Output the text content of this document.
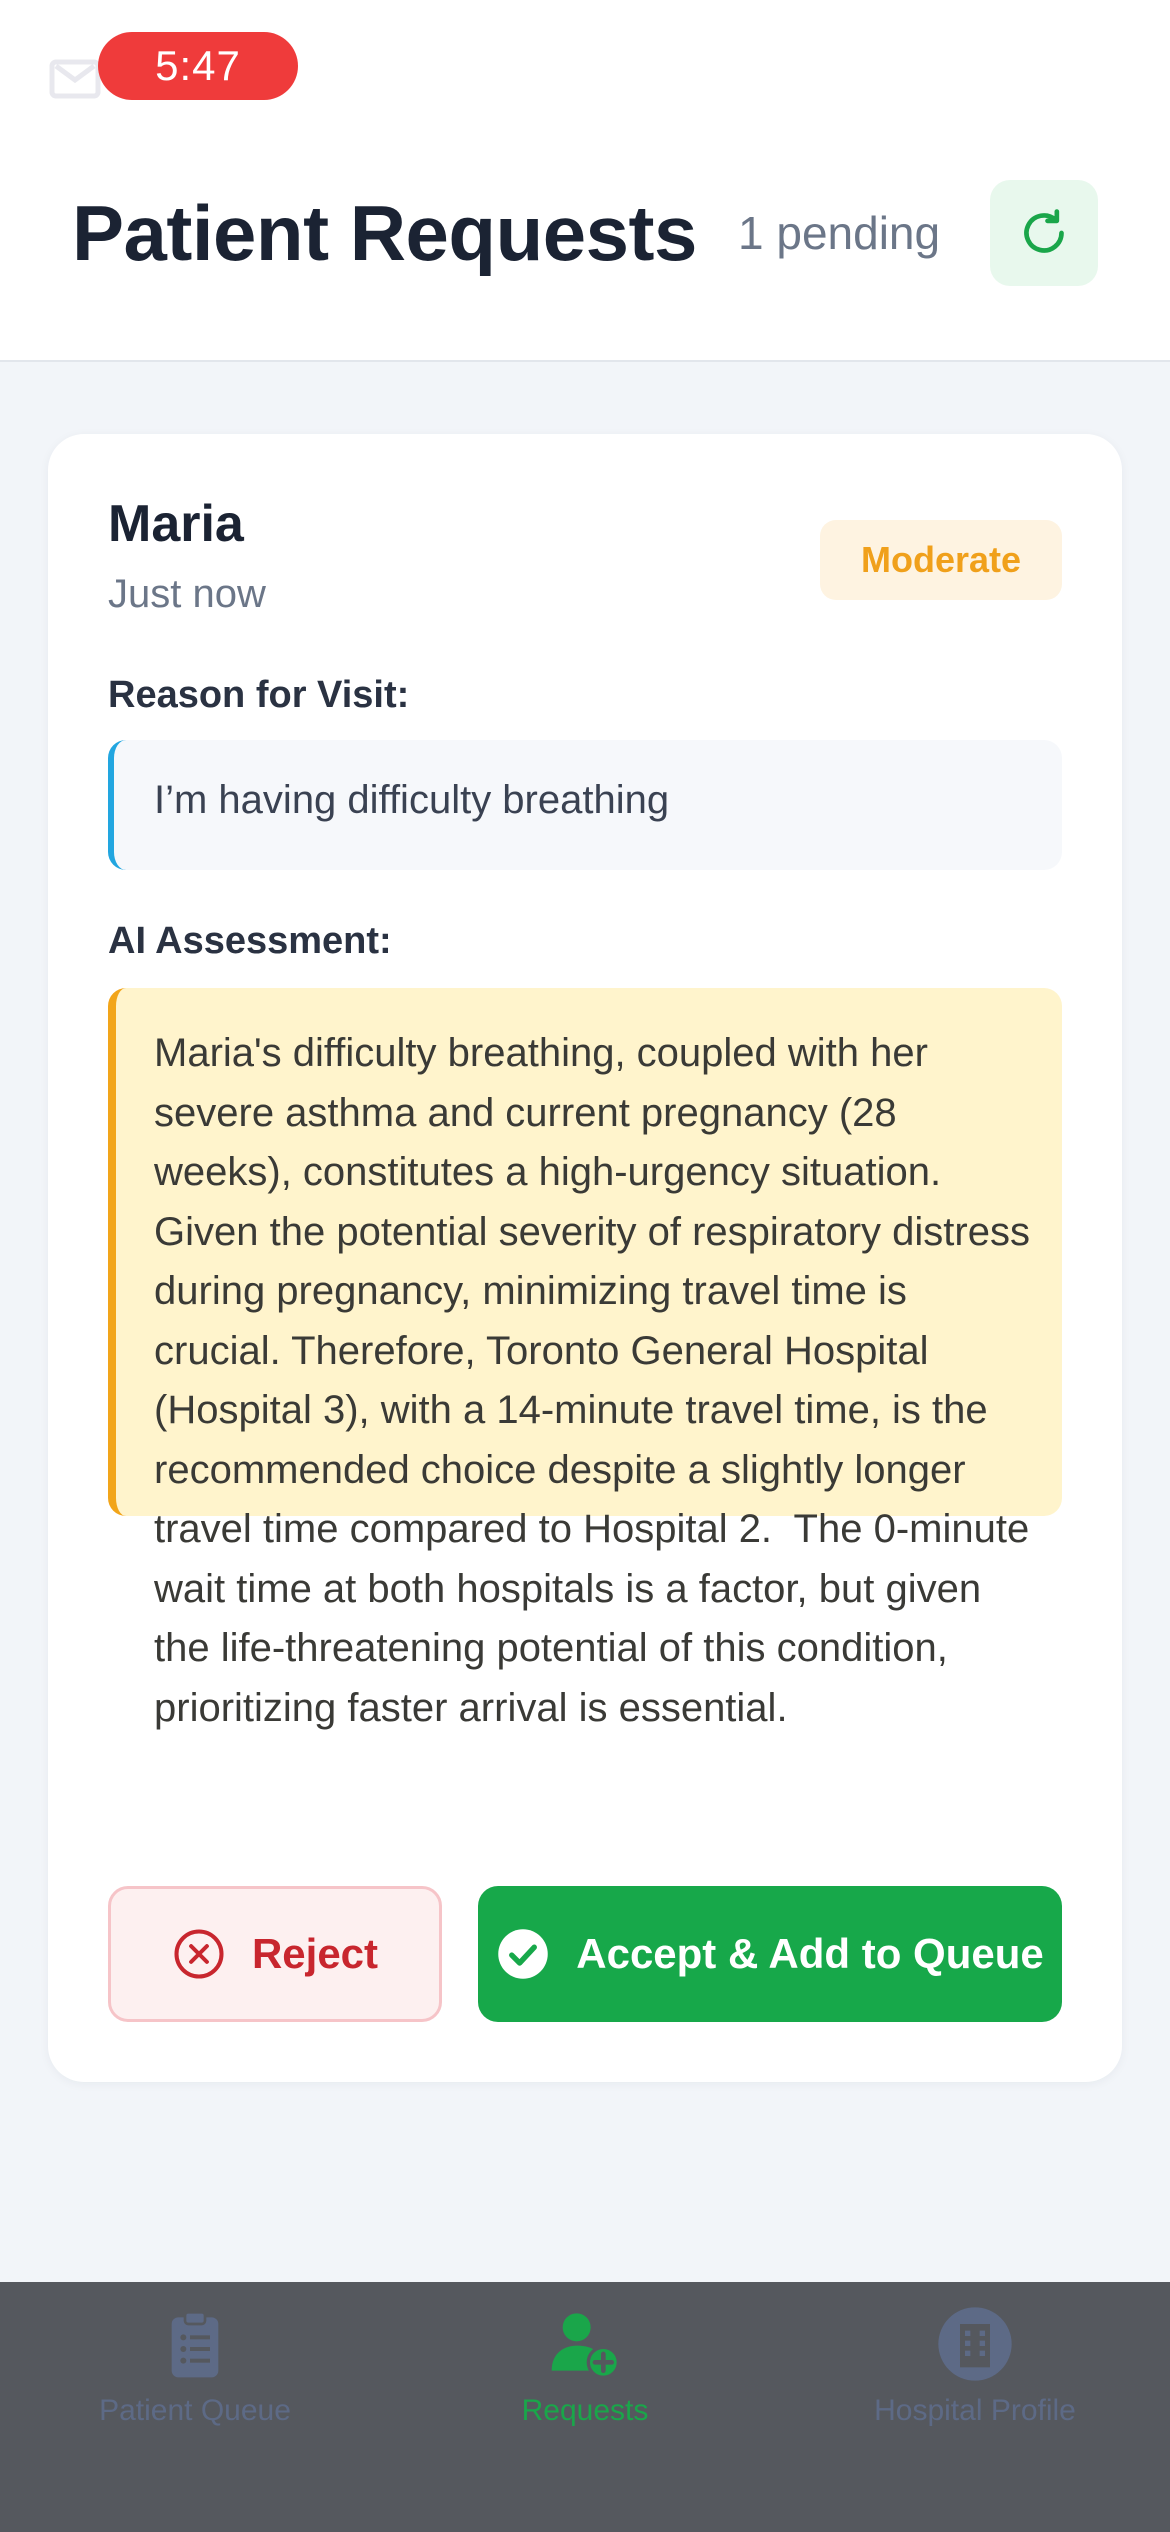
5:47
Patient Requests 1 pending
Maria
Just now
Moderate
Reason for Visit:
I’m having difficulty breathing
AI Assessment:

Maria's difficulty breathing, coupled with her severe asthma and current pregnancy (28 weeks), constitutes a high-urgency situation. Given the potential severity of respiratory distress during pregnancy, minimizing travel time is crucial. Therefore, Toronto General Hospital (Hospital 3), with a 14-minute travel time, is the recommended choice despite a slightly longer travel time compared to Hospital 2.  The 0-minute wait time at both hospitals is a factor, but given the life-threatening potential of this condition, prioritizing faster arrival is essential.

Reject	Accept & Add to Queue
Patient Queue	Requests	Hospital Profile
